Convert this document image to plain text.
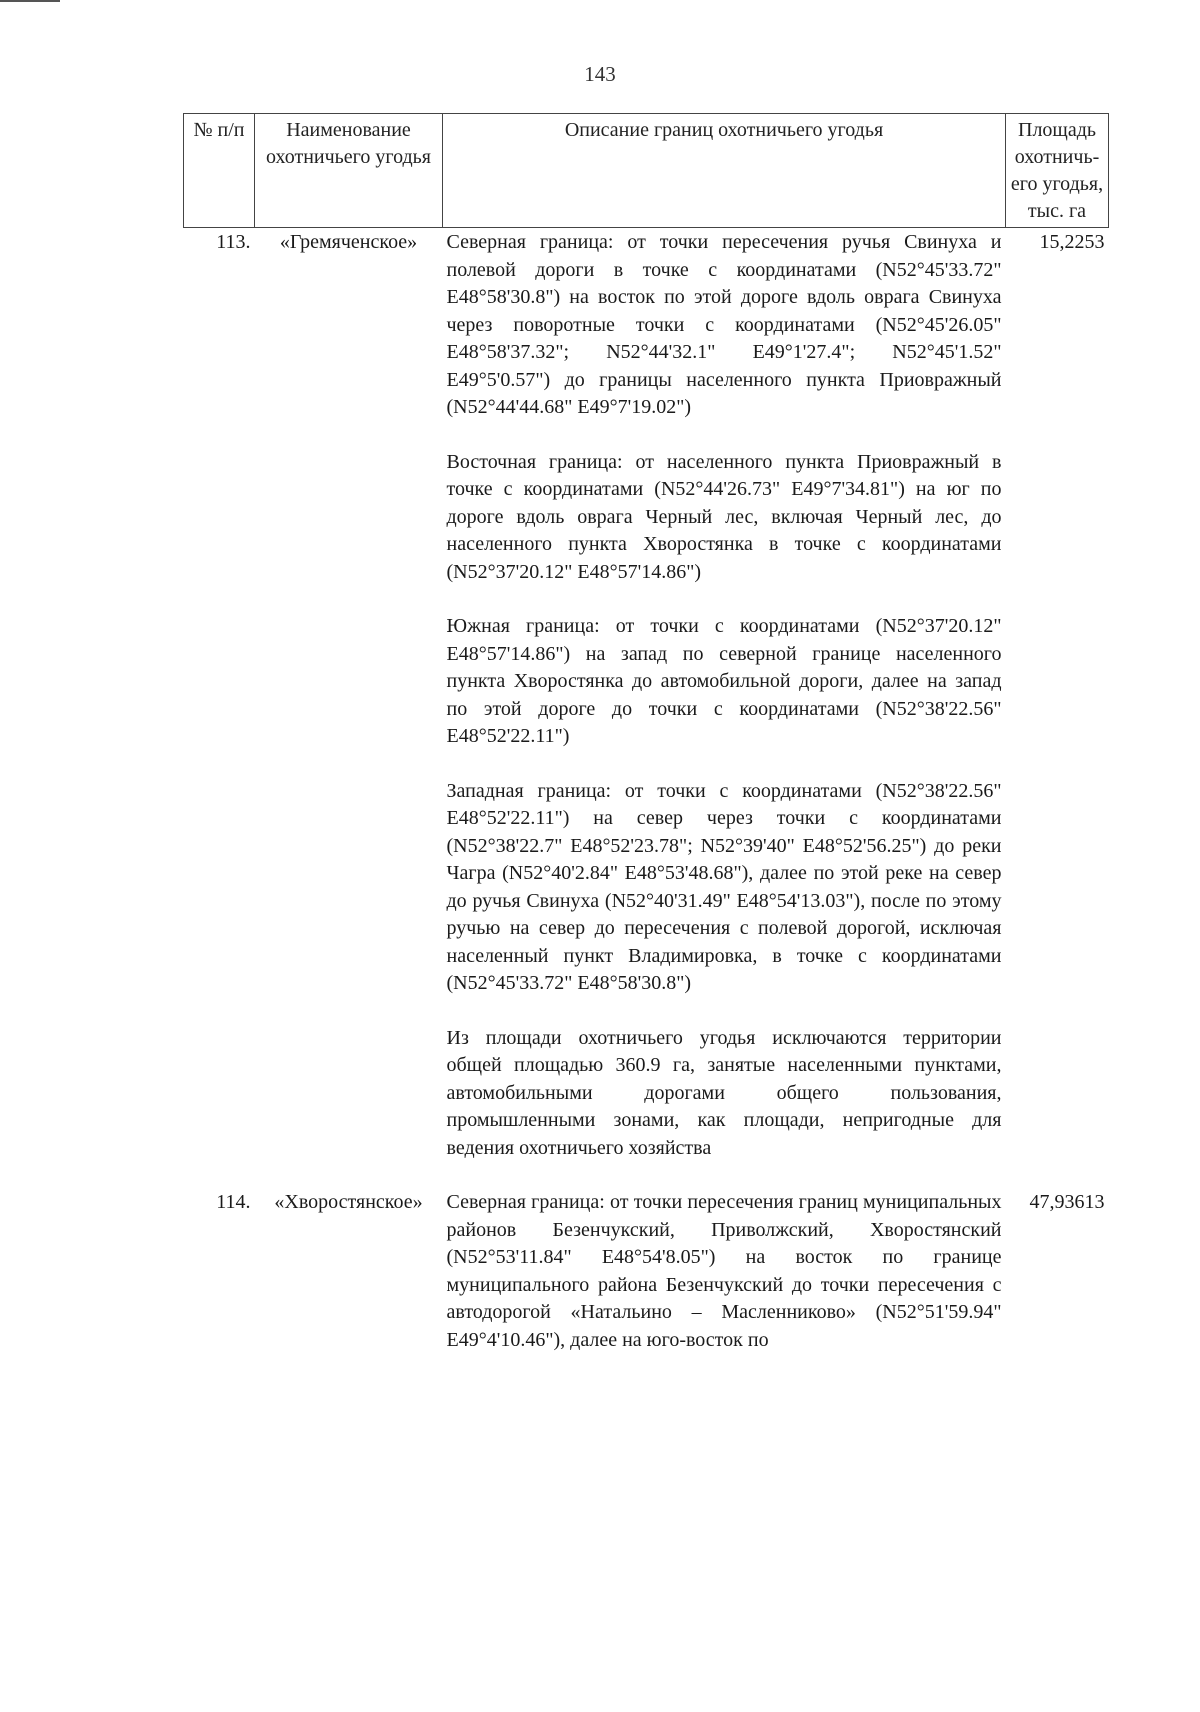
143
№ п/п	Наименование охотничьего угодья	Описание границ охотничьего угодья	Площадь охотничь-его угодья, тыс. га
113.	«Гремяченское»	Северная граница: от точки пересечения ручья Свинуха и полевой дороги в точке с координатами (N52°45'33.72" E48°58'30.8") на восток по этой дороге вдоль оврага Свинуха через поворотные точки с координатами (N52°45'26.05" E48°58'37.32"; N52°44'32.1" E49°1'27.4"; N52°45'1.52" E49°5'0.57") до границы населенного пункта Приовражный (N52°44'44.68" E49°7'19.02")

Восточная граница: от населенного пункта Приовражный в точке с координатами (N52°44'26.73" E49°7'34.81") на юг по дороге вдоль оврага Черный лес, включая Черный лес, до населенного пункта Хворостянка в точке с координатами (N52°37'20.12" E48°57'14.86")

Южная граница: от точки с координатами (N52°37'20.12" E48°57'14.86") на запад по северной границе населенного пункта Хворостянка до автомобильной дороги, далее на запад по этой дороге до точки с координатами (N52°38'22.56" E48°52'22.11")

Западная граница: от точки с координатами (N52°38'22.56" E48°52'22.11") на север через точки с координатами (N52°38'22.7" E48°52'23.78"; N52°39'40" E48°52'56.25") до реки Чагра (N52°40'2.84" E48°53'48.68"), далее по этой реке на север до ручья Свинуха (N52°40'31.49" E48°54'13.03"), после по этому ручью на север до пересечения с полевой дорогой, исключая населенный пункт Владимировка, в точке с координатами (N52°45'33.72" E48°58'30.8")

Из площади охотничьего угодья исключаются территории общей площадью 360.9 га, занятые населенными пунктами, автомобильными дорогами общего пользования, промышленными зонами, как площади, непригодные для ведения охотничьего хозяйства	15,2253
114.	«Хворостянское»	Северная граница: от точки пересечения границ муниципальных районов Безенчукский, Приволжский, Хворостянский (N52°53'11.84" E48°54'8.05") на восток по границе муниципального района Безенчукский до точки пересечения с автодорогой «Натальино – Масленниково» (N52°51'59.94" E49°4'10.46"), далее на юго-восток по	47,93613
